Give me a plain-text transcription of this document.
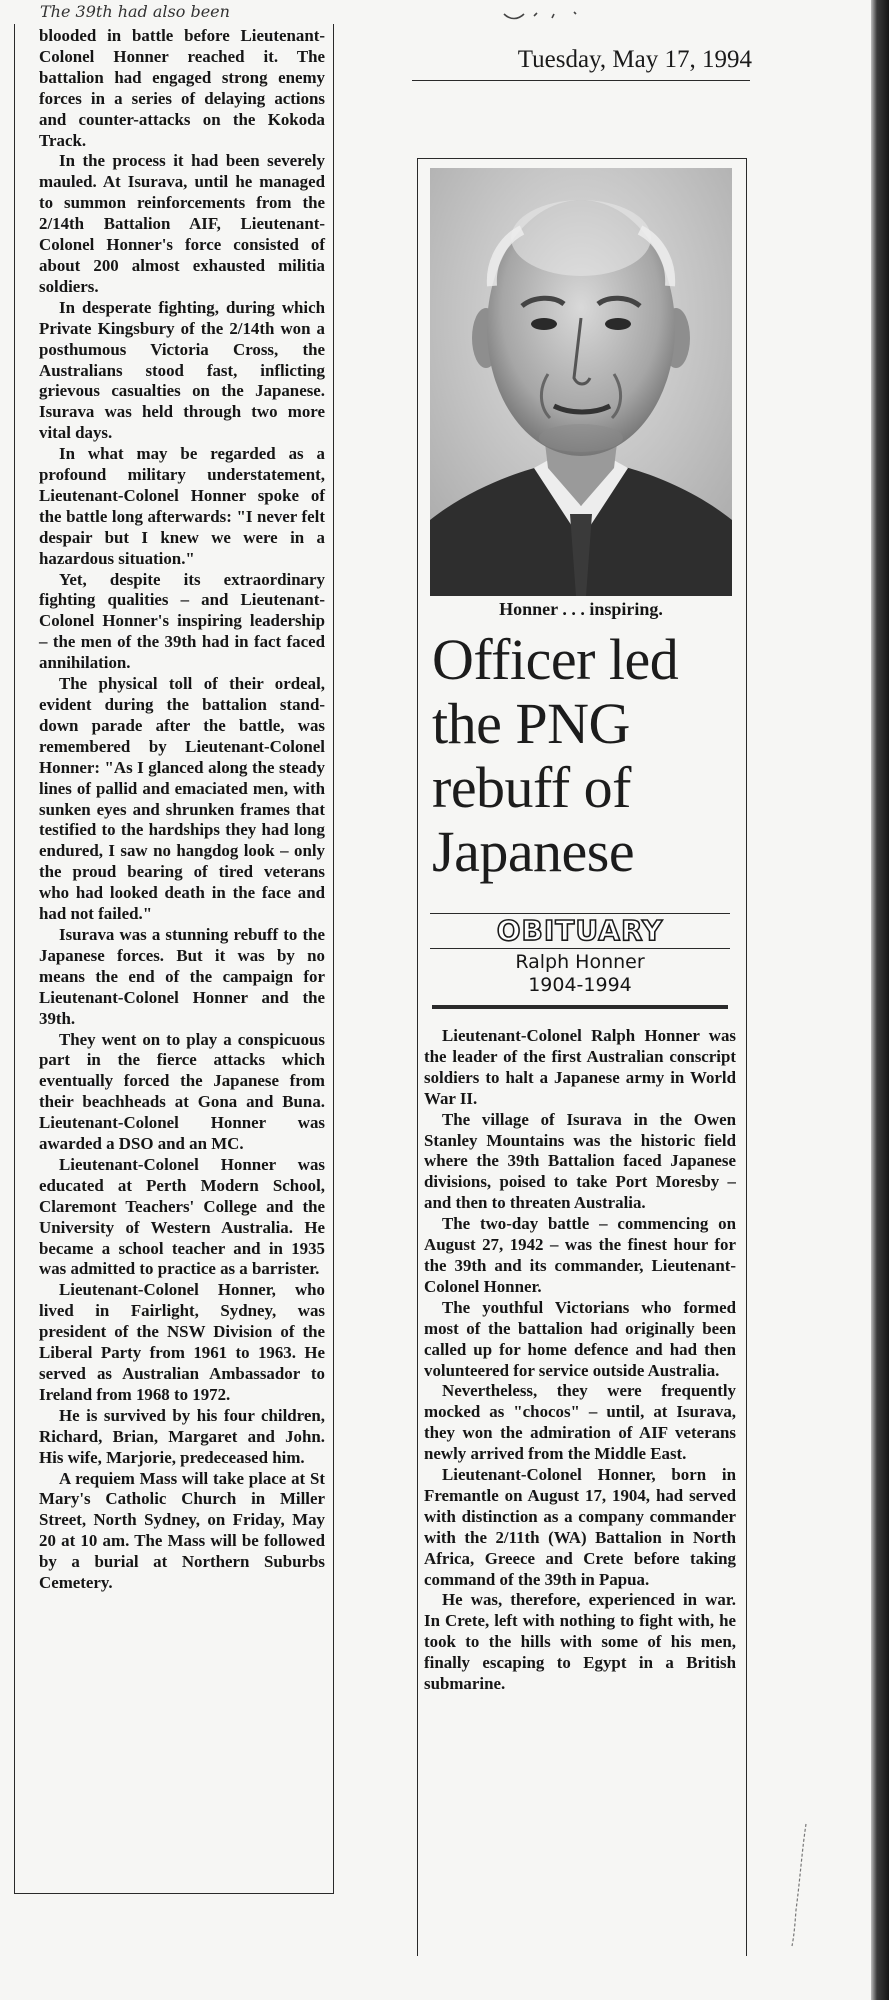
The 39th had also been

blooded in battle before Lieutenant-Colonel Honner reached it. The battalion had engaged strong enemy forces in a series of delaying actions and counter-attacks on the Kokoda Track.

In the process it had been severely mauled. At Isurava, until he managed to summon reinforcements from the 2/14th Battalion AIF, Lieutenant-Colonel Honner's force consisted of about 200 almost exhausted militia soldiers.

In desperate fighting, during which Private Kingsbury of the 2/14th won a posthumous Victoria Cross, the Australians stood fast, inflicting grievous casualties on the Japanese. Isurava was held through two more vital days.

In what may be regarded as a profound military understatement, Lieutenant-Colonel Honner spoke of the battle long afterwards: "I never felt despair but I knew we were in a hazardous situation."

Yet, despite its extraordinary fighting qualities – and Lieutenant-Colonel Honner's inspiring leadership – the men of the 39th had in fact faced annihilation.

The physical toll of their ordeal, evident during the battalion stand-down parade after the battle, was remembered by Lieutenant-Colonel Honner: "As I glanced along the steady lines of pallid and emaciated men, with sunken eyes and shrunken frames that testified to the hardships they had long endured, I saw no hangdog look – only the proud bearing of tired veterans who had looked death in the face and had not failed."

Isurava was a stunning rebuff to the Japanese forces. But it was by no means the end of the campaign for Lieutenant-Colonel Honner and the 39th.

They went on to play a conspicuous part in the fierce attacks which eventually forced the Japanese from their beachheads at Gona and Buna. Lieutenant-Colonel Honner was awarded a DSO and an MC.

Lieutenant-Colonel Honner was educated at Perth Modern School, Claremont Teachers' College and the University of Western Australia. He became a school teacher and in 1935 was admitted to practice as a barrister.

Lieutenant-Colonel Honner, who lived in Fairlight, Sydney, was president of the NSW Division of the Liberal Party from 1961 to 1963. He served as Australian Ambassador to Ireland from 1968 to 1972.

He is survived by his four children, Richard, Brian, Margaret and John. His wife, Marjorie, predeceased him.

A requiem Mass will take place at St Mary's Catholic Church in Miller Street, North Sydney, on Friday, May 20 at 10 am. The Mass will be followed by a burial at Northern Suburbs Cemetery.

Tuesday, May 17, 1994
Honner . . . inspiring.
Officer led the PNG rebuff of Japanese
OBITUARY
Ralph Honner
1904-1994

Lieutenant-Colonel Ralph Honner was the leader of the first Australian conscript soldiers to halt a Japanese army in World War II.

The village of Isurava in the Owen Stanley Mountains was the historic field where the 39th Battalion faced Japanese divisions, poised to take Port Moresby – and then to threaten Australia.

The two-day battle – commencing on August 27, 1942 – was the finest hour for the 39th and its commander, Lieutenant-Colonel Honner.

The youthful Victorians who formed most of the battalion had originally been called up for home defence and had then volunteered for service outside Australia.

Nevertheless, they were frequently mocked as "chocos" – until, at Isurava, they won the admiration of AIF veterans newly arrived from the Middle East.

Lieutenant-Colonel Honner, born in Fremantle on August 17, 1904, had served with distinction as a company commander with the 2/11th (WA) Battalion in North Africa, Greece and Crete before taking command of the 39th in Papua.

He was, therefore, experienced in war. In Crete, left with nothing to fight with, he took to the hills with some of his men, finally escaping to Egypt in a British submarine.
